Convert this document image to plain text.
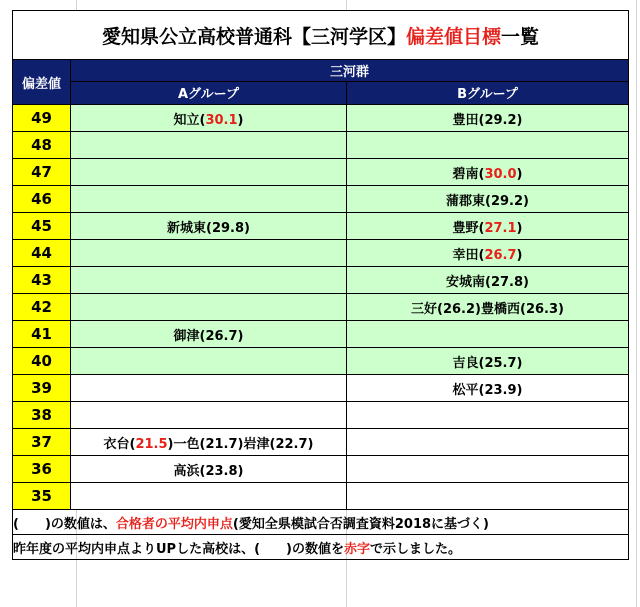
愛知県公立高校普通科【三河学区】偏差値目標一覧		
偏差値	三河群	
	Aグループ	Bグループ
49	知立(30.1)	豊田(29.2)
48		
47		碧南(30.0)
46		蒲郡東(29.2)
45	新城東(29.8)	豊野(27.1)
44		幸田(26.7)
43		安城南(27.8)
42		三好(26.2)豊橋西(26.3)
41	御津(26.7)	
40		吉良(25.7)
39		松平(23.9)
38		
37	衣台(21.5)一色(21.7)岩津(22.7)	
36	高浜(23.8)	
35		
(　　)の数値は、合格者の平均内申点(愛知全県模試合否調査資料2018に基づく)		
昨年度の平均内申点よりUPした高校は、(　　)の数値を赤字で示しました。		
